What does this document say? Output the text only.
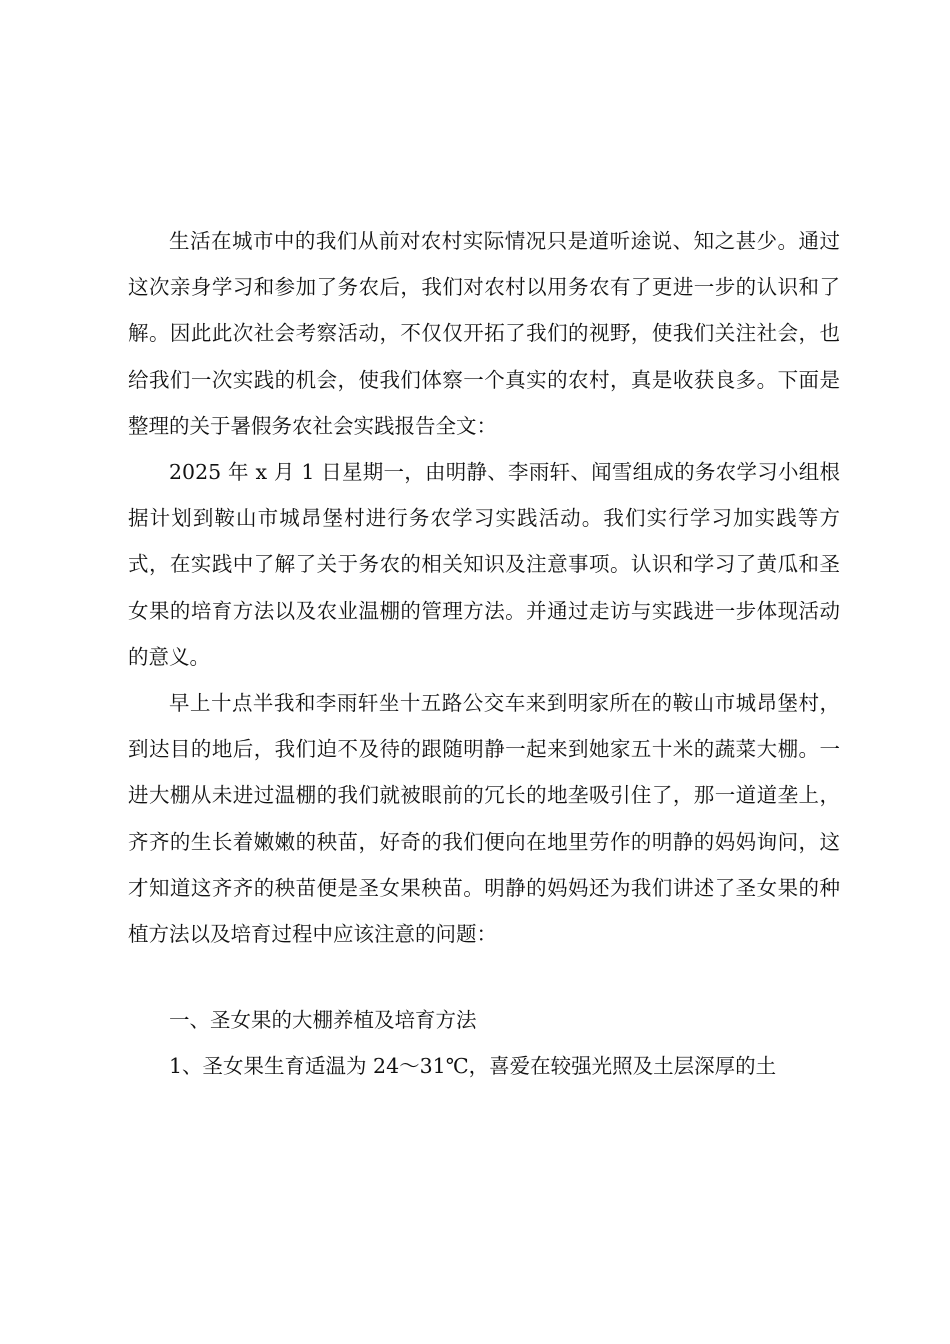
生活在城市中的我们从前对农村实际情况只是道听途说、知之甚少。通过这次亲身学习和参加了务农后，我们对农村以用务农有了更进一步的认识和了解。因此此次社会考察活动，不仅仅开拓了我们的视野，使我们关注社会，也给我们一次实践的机会，使我们体察一个真实的农村，真是收获良多。下面是整理的关于暑假务农社会实践报告全文：

2025 年 x 月 1 日星期一，由明静、李雨轩、闻雪组成的务农学习小组根据计划到鞍山市城昂堡村进行务农学习实践活动。我们实行学习加实践等方式，在实践中了解了关于务农的相关知识及注意事项。认识和学习了黄瓜和圣女果的培育方法以及农业温棚的管理方法。并通过走访与实践进一步体现活动的意义。

早上十点半我和李雨轩坐十五路公交车来到明家所在的鞍山市城昂堡村，到达目的地后，我们迫不及待的跟随明静一起来到她家五十米的蔬菜大棚。一进大棚从未进过温棚的我们就被眼前的冗长的地垄吸引住了，那一道道垄上，齐齐的生长着嫩嫩的秧苗，好奇的我们便向在地里劳作的明静的妈妈询问，这才知道这齐齐的秧苗便是圣女果秧苗。明静的妈妈还为我们讲述了圣女果的种植方法以及培育过程中应该注意的问题：

一、圣女果的大棚养植及培育方法

1、圣女果生育适温为 24～31℃，喜爱在较强光照及土层深厚的土
